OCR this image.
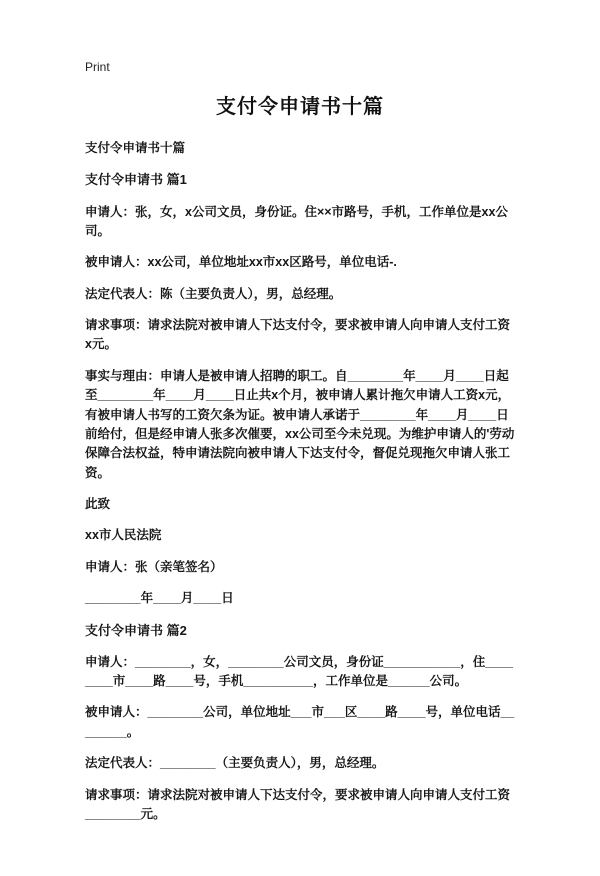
Print
支付令申请书十篇

支付令申请书十篇

支付令申请书 篇1

申请人：张，女，x公司文员，身份证。住××市路号，手机，工作单位是xx公司。

被申请人：xx公司，单位地址xx市xx区路号，单位电话-.

法定代表人：陈（主要负责人），男，总经理。

请求事项：请求法院对被申请人下达支付令，要求被申请人向申请人支付工资x元。

事实与理由：申请人是被申请人招聘的职工。自________年____月____日起至________年____月____日止共x个月，被申请人累计拖欠申请人工资x元，有被申请人书写的工资欠条为证。被申请人承诺于________年____月____日前给付，但是经申请人张多次催要，xx公司至今未兑现。为维护申请人的'劳动保障合法权益，特申请法院向被申请人下达支付令，督促兑现拖欠申请人张工资。

此致

xx市人民法院

申请人：张（亲笔签名）

________年____月____日

支付令申请书 篇2

申请人：________，女，________公司文员，身份证___________，住________市____路____号，手机__________，工作单位是______公司。

被申请人：________公司，单位地址___市___区____路____号，单位电话________。

法定代表人：________（主要负责人），男，总经理。

请求事项：请求法院对被申请人下达支付令，要求被申请人向申请人支付工资________元。
